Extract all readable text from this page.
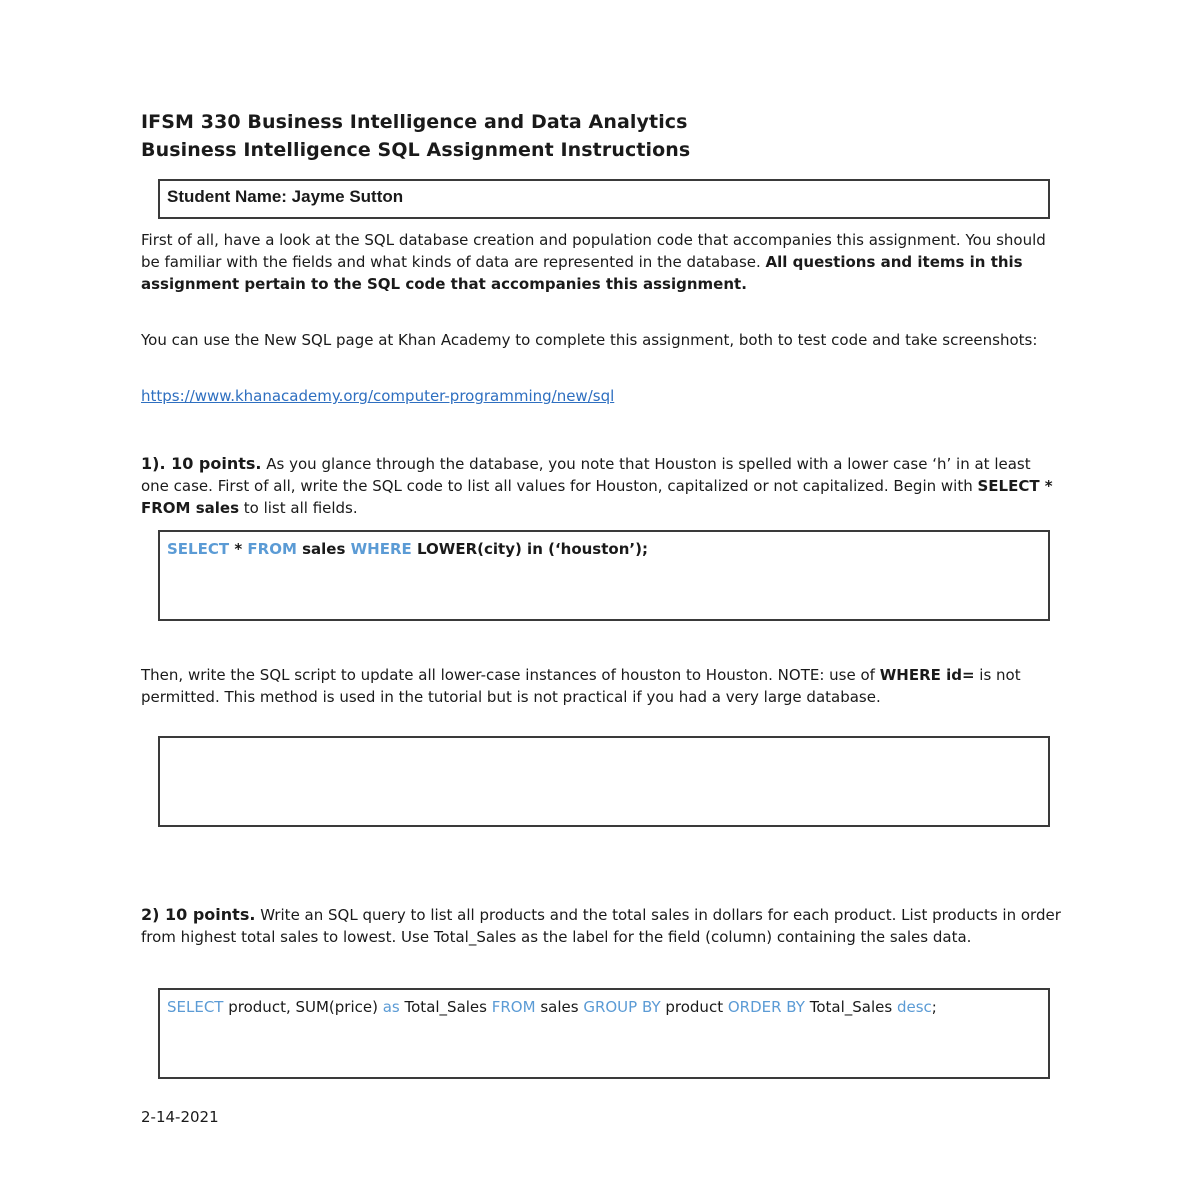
IFSM 330 Business Intelligence and Data Analytics
Business Intelligence SQL Assignment Instructions
Student Name: Jayme Sutton

First of all, have a look at the SQL database creation and population code that accompanies this assignment. You should be familiar with the fields and what kinds of data are represented in the database. All questions and items in this assignment pertain to the SQL code that accompanies this assignment.

You can use the New SQL page at Khan Academy to complete this assignment, both to test code and take screenshots:

https://www.khanacademy.org/computer-programming/new/sql

1). 10 points. As you glance through the database, you note that Houston is spelled with a lower case ‘h’ in at least one case. First of all, write the SQL code to list all values for Houston, capitalized or not capitalized. Begin with SELECT * FROM sales to list all fields.

SELECT * FROM sales WHERE LOWER(city) in (‘houston’);

Then, write the SQL script to update all lower-case instances of houston to Houston. NOTE: use of WHERE id= is not permitted. This method is used in the tutorial but is not practical if you had a very large database.

2) 10 points. Write an SQL query to list all products and the total sales in dollars for each product. List products in order from highest total sales to lowest. Use Total_Sales as the label for the field (column) containing the sales data.

SELECT product, SUM(price) as Total_Sales FROM sales GROUP BY product ORDER BY Total_Sales desc;

2-14-2021
